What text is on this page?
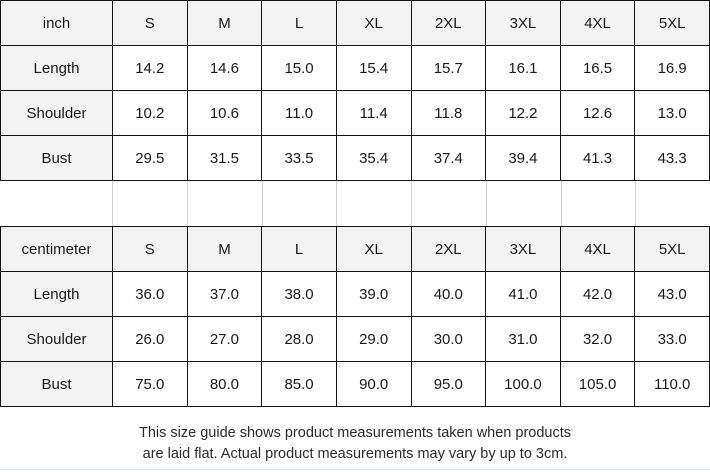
inch	S	M	L	XL	2XL	3XL	4XL	5XL
Length	14.2	14.6	15.0	15.4	15.7	16.1	16.5	16.9
Shoulder	10.2	10.6	11.0	11.4	11.8	12.2	12.6	13.0
Bust	29.5	31.5	33.5	35.4	37.4	39.4	41.3	43.3
centimeter	S	M	L	XL	2XL	3XL	4XL	5XL
Length	36.0	37.0	38.0	39.0	40.0	41.0	42.0	43.0
Shoulder	26.0	27.0	28.0	29.0	30.0	31.0	32.0	33.0
Bust	75.0	80.0	85.0	90.0	95.0	100.0	105.0	110.0
This size guide shows product measurements taken when products
are laid flat. Actual product measurements may vary by up to 3cm.
